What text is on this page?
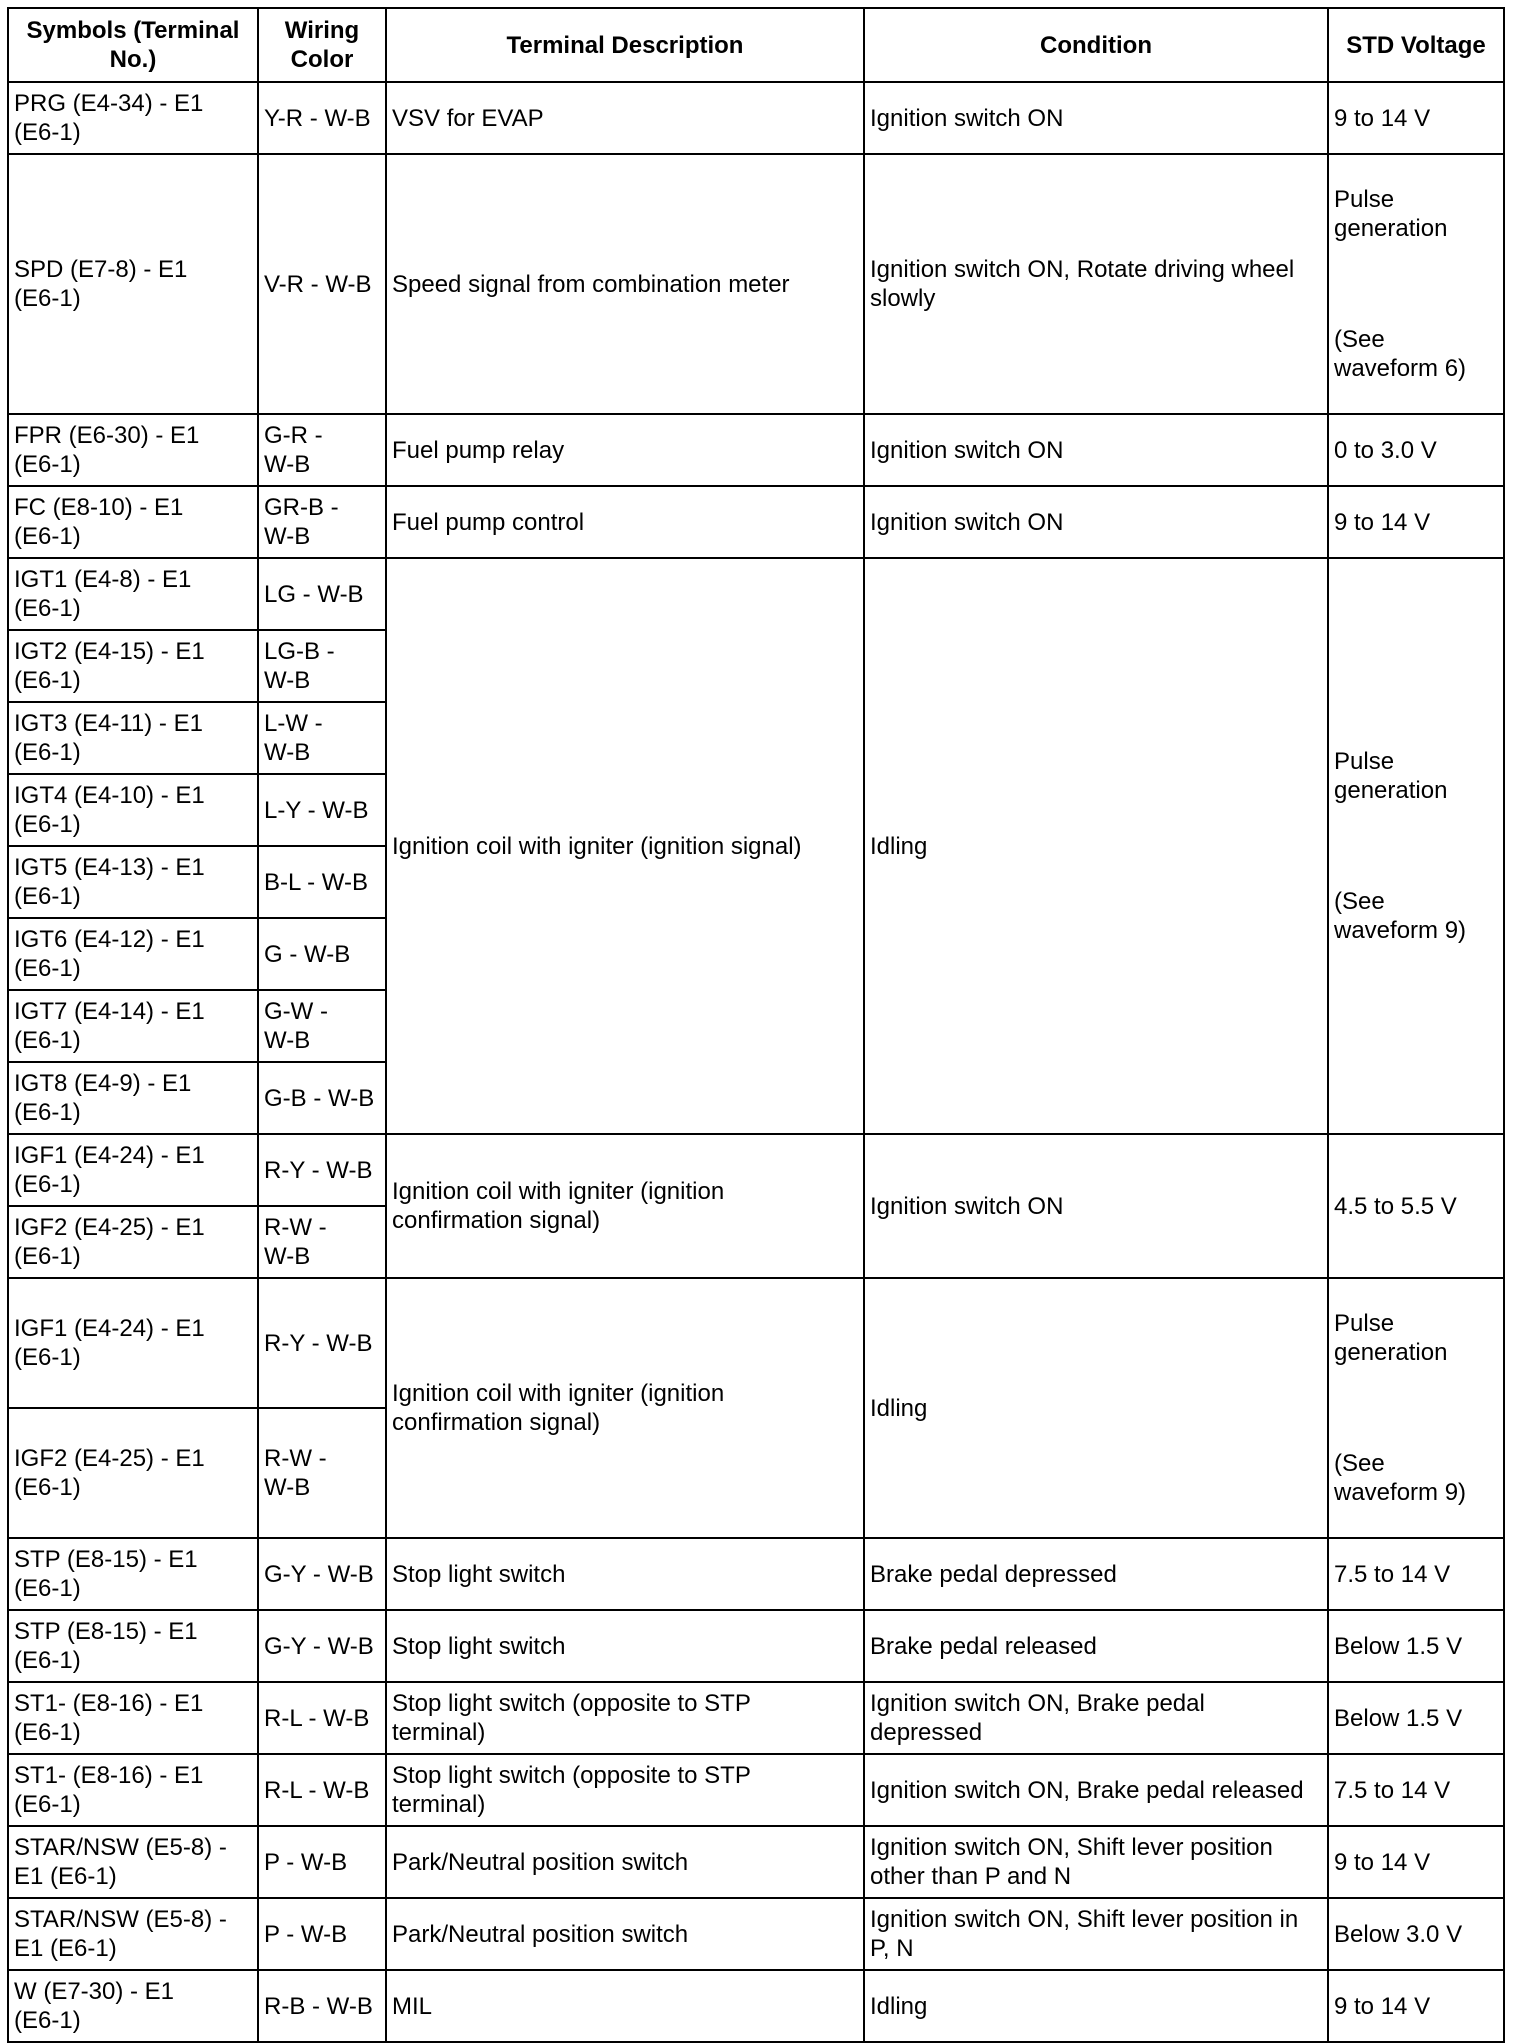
Symbols (Terminal
No.)	Wiring
Color	Terminal Description	Condition	STD Voltage
PRG (E4-34) - E1
(E6-1)	Y-R - W-B	VSV for EVAP	Ignition switch ON	9 to 14 V
SPD (E7-8) - E1
(E6-1)	V-R - W-B	Speed signal from combination meter	Ignition switch ON, Rotate driving wheel
slowly	Pulse
generation

(See
waveform 6)

FPR (E6-30) - E1
(E6-1)	G-R -
W-B	Fuel pump relay	Ignition switch ON	0 to 3.0 V
FC (E8-10) - E1
(E6-1)	GR-B -
W-B	Fuel pump control	Ignition switch ON	9 to 14 V
IGT1 (E4-8) - E1
(E6-1)	LG - W-B	Ignition coil with igniter (ignition signal)	Idling	Pulse
generation

(See
waveform 9)

IGT2 (E4-15) - E1
(E6-1)	LG-B -
W-B			
IGT3 (E4-11) - E1
(E6-1)	L-W -
W-B			
IGT4 (E4-10) - E1
(E6-1)	L-Y - W-B			
IGT5 (E4-13) - E1
(E6-1)	B-L - W-B			
IGT6 (E4-12) - E1
(E6-1)	G - W-B			
IGT7 (E4-14) - E1
(E6-1)	G-W -
W-B			
IGT8 (E4-9) - E1
(E6-1)	G-B - W-B			
IGF1 (E4-24) - E1
(E6-1)	R-Y - W-B	Ignition coil with igniter (ignition
confirmation signal)	Ignition switch ON	4.5 to 5.5 V
IGF2 (E4-25) - E1
(E6-1)	R-W -
W-B			
IGF1 (E4-24) - E1
(E6-1)	R-Y - W-B	Ignition coil with igniter (ignition
confirmation signal)	Idling	Pulse
generation

(See
waveform 9)

IGF2 (E4-25) - E1
(E6-1)	R-W -
W-B			
STP (E8-15) - E1
(E6-1)	G-Y - W-B	Stop light switch	Brake pedal depressed	7.5 to 14 V
STP (E8-15) - E1
(E6-1)	G-Y - W-B	Stop light switch	Brake pedal released	Below 1.5 V
ST1- (E8-16) - E1
(E6-1)	R-L - W-B	Stop light switch (opposite to STP
terminal)	Ignition switch ON, Brake pedal
depressed	Below 1.5 V
ST1- (E8-16) - E1
(E6-1)	R-L - W-B	Stop light switch (opposite to STP
terminal)	Ignition switch ON, Brake pedal released	7.5 to 14 V
STAR/NSW (E5-8) -
E1 (E6-1)	P - W-B	Park/Neutral position switch	Ignition switch ON, Shift lever position
other than P and N	9 to 14 V
STAR/NSW (E5-8) -
E1 (E6-1)	P - W-B	Park/Neutral position switch	Ignition switch ON, Shift lever position in
P, N	Below 3.0 V
W (E7-30) - E1
(E6-1)	R-B - W-B	MIL	Idling	9 to 14 V
